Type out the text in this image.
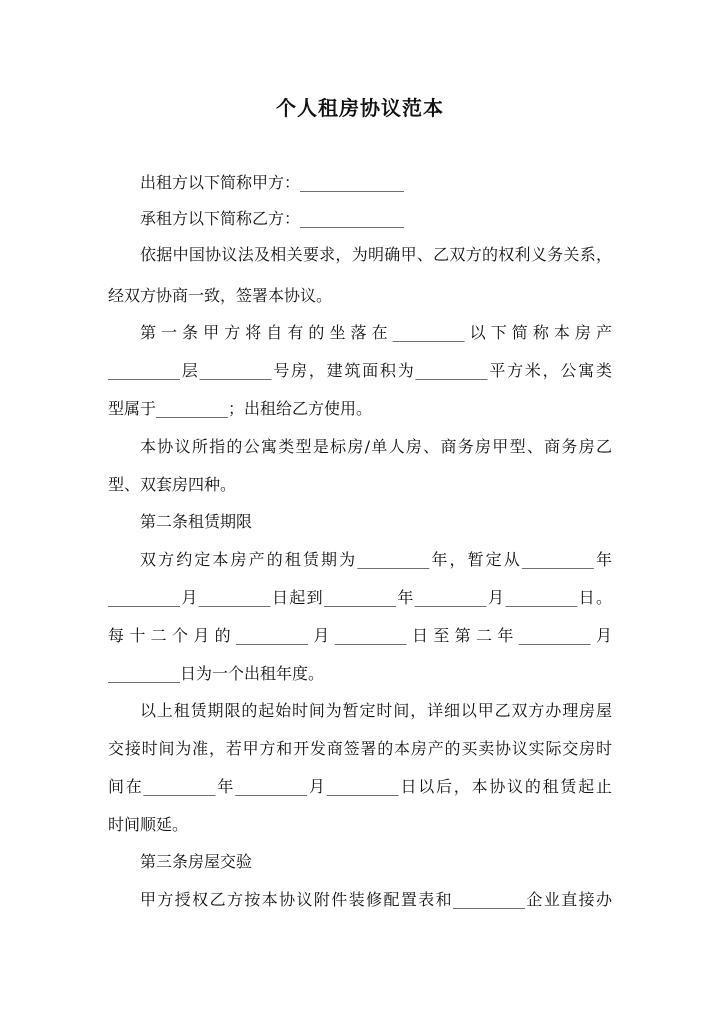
个人租房协议范本
出租方以下简称甲方：_____________
承租方以下简称乙方：_____________
依据中国协议法及相关要求，为明确甲、乙双方的权利义务关系，
经双方协商一致，签署本协议。
第一条甲方将自有的坐落在_________以下简称本房产
_________层_________号房，建筑面积为_________平方米，公寓类
型属于_________；出租给乙方使用。
本协议所指的公寓类型是标房/单人房、商务房甲型、商务房乙
型、双套房四种。
第二条租赁期限
双方约定本房产的租赁期为_________年，暂定从_________年
_________月_________日起到_________年_________月_________日。
每十二个月的_________月_________日至第二年_________月
_________日为一个出租年度。
以上租赁期限的起始时间为暂定时间，详细以甲乙双方办理房屋
交接时间为准，若甲方和开发商签署的本房产的买卖协议实际交房时
间在_________年_________月_________日以后，本协议的租赁起止
时间顺延。
第三条房屋交验
甲方授权乙方按本协议附件装修配置表和_________企业直接办
